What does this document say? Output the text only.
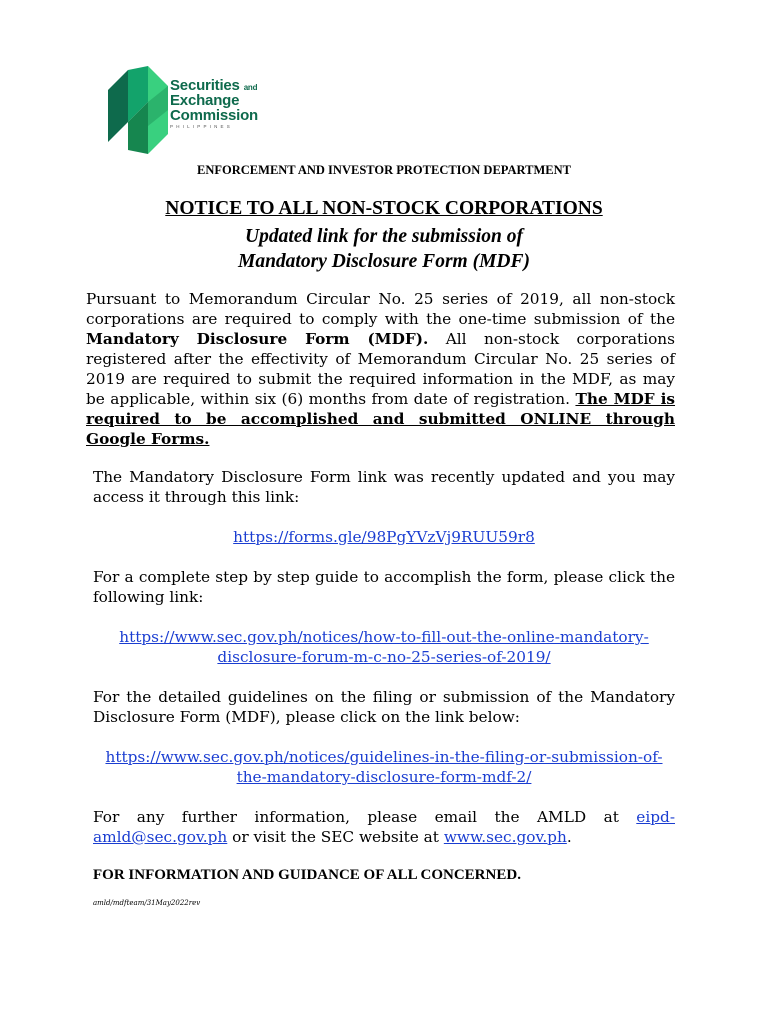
Securities and
Exchange
Commission
PHILIPPINES
ENFORCEMENT AND INVESTOR PROTECTION DEPARTMENT
NOTICE TO ALL NON-STOCK CORPORATIONS
Updated link for the submission of
Mandatory Disclosure Form (MDF)
Pursuant to Memorandum Circular No. 25 series of 2019, all non-stock corporations are required to comply with the one-time submission of the Mandatory Disclosure Form (MDF). All non-stock corporations registered after the effectivity of Memorandum Circular No. 25 series of 2019 are required to submit the required information in the MDF, as may be applicable, within six (6) months from date of registration. The MDF is required to be accomplished and submitted ONLINE through Google Forms.
The Mandatory Disclosure Form link was recently updated and you may access it through this link:
https://forms.gle/98PgYVzVj9RUU59r8
For a complete step by step guide to accomplish the form, please click the following link:
https://www.sec.gov.ph/notices/how-to-fill-out-the-online-mandatory-
disclosure-forum-m-c-no-25-series-of-2019/
For the detailed guidelines on the filing or submission of the Mandatory Disclosure Form (MDF), please click on the link below:
https://www.sec.gov.ph/notices/guidelines-in-the-filing-or-submission-of-
the-mandatory-disclosure-form-mdf-2/
For any further information, please email the AMLD at eipd-amld@sec.gov.ph or visit the SEC website at www.sec.gov.ph.
FOR INFORMATION AND GUIDANCE OF ALL CONCERNED.
amld/mdfteam/31May2022rev
